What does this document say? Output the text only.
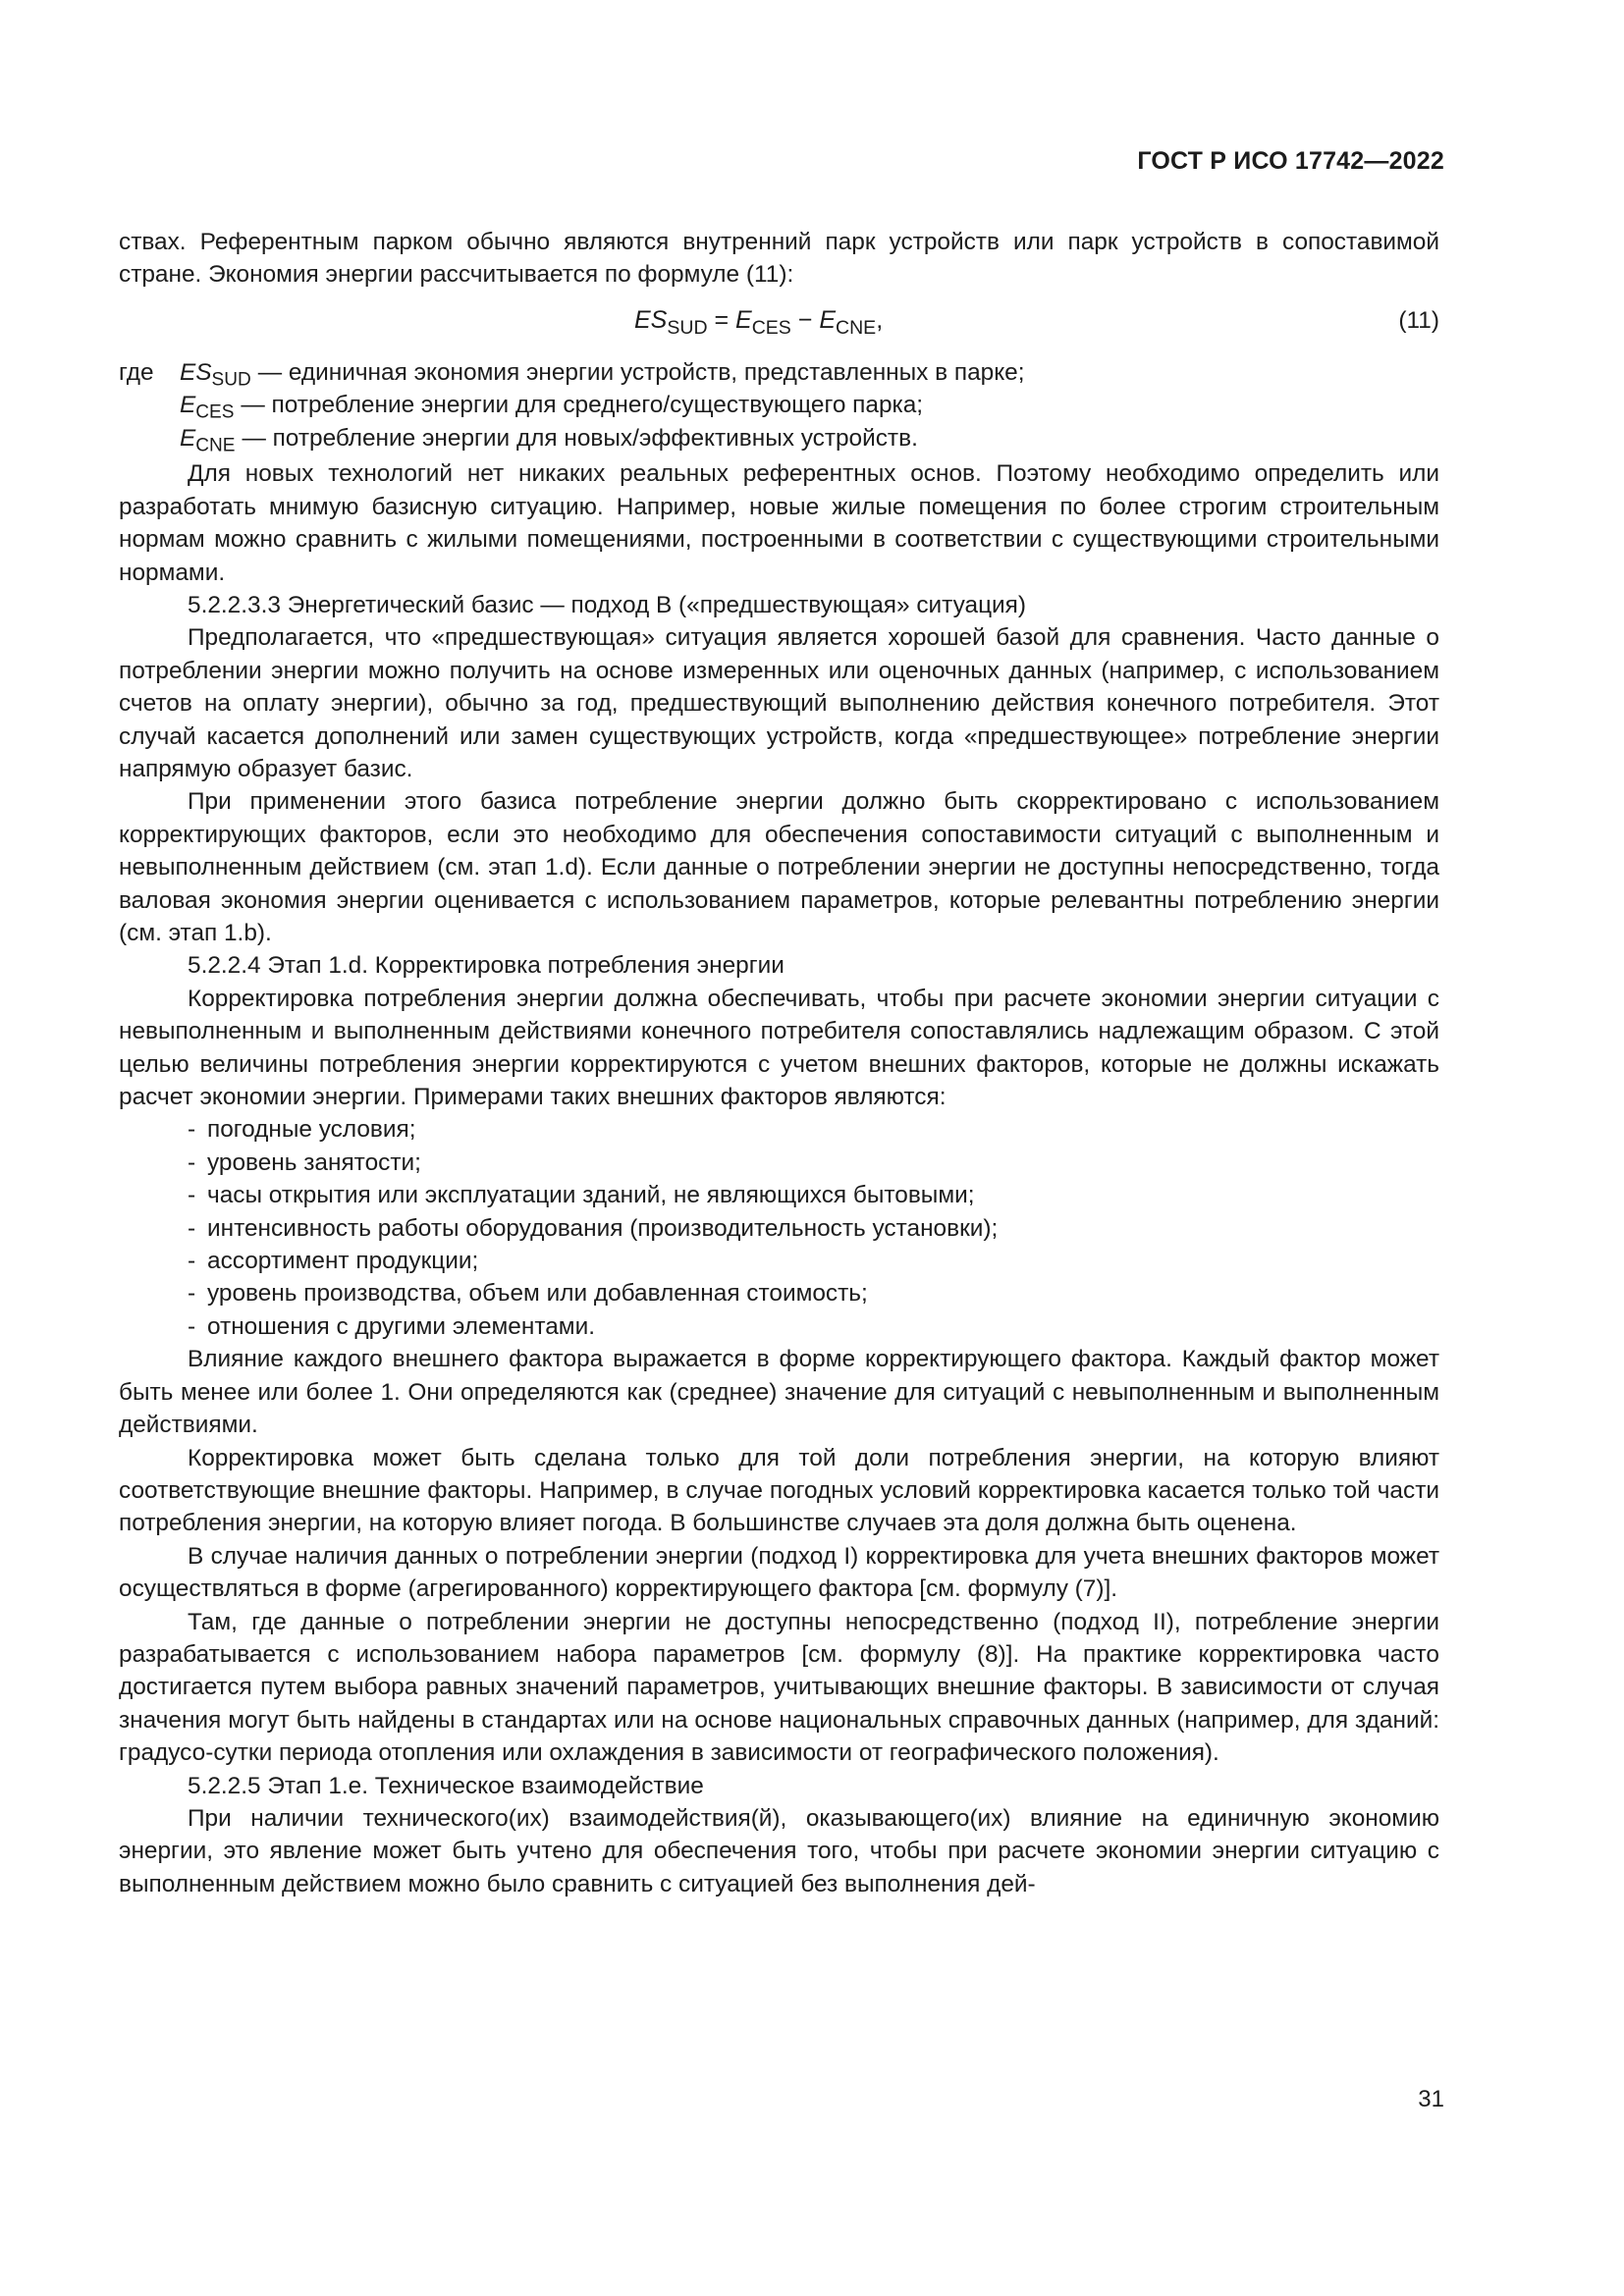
ГОСТ Р ИСО 17742—2022

ствах. Референтным парком обычно являются внутренний парк устройств или парк устройств в сопоставимой стране. Экономия энергии рассчитывается по формуле (11):

$ES_{SUD} = E_{CES} - E_{CNE}$,	(11)
где	$ES_{SUD}$ — единичная экономия энергии устройств, представленных в парке;
$E_{CES}$ — потребление энергии для среднего/существующего парка;
$E_{CNE}$ — потребление энергии для новых/эффективных устройств.

Для новых технологий нет никаких реальных референтных основ. Поэтому необходимо определить или разработать мнимую базисную ситуацию. Например, новые жилые помещения по более строгим строительным нормам можно сравнить с жилыми помещениями, построенными в соответствии с существующими строительными нормами.

5.2.2.3.3 Энергетический базис — подход В («предшествующая» ситуация)

Предполагается, что «предшествующая» ситуация является хорошей базой для сравнения. Часто данные о потреблении энергии можно получить на основе измеренных или оценочных данных (например, с использованием счетов на оплату энергии), обычно за год, предшествующий выполнению действия конечного потребителя. Этот случай касается дополнений или замен существующих устройств, когда «предшествующее» потребление энергии напрямую образует базис.

При применении этого базиса потребление энергии должно быть скорректировано с использованием корректирующих факторов, если это необходимо для обеспечения сопоставимости ситуаций с выполненным и невыполненным действием (см. этап 1.d). Если данные о потреблении энергии не доступны непосредственно, тогда валовая экономия энергии оценивается с использованием параметров, которые релевантны потреблению энергии (см. этап 1.b).

5.2.2.4 Этап 1.d. Корректировка потребления энергии

Корректировка потребления энергии должна обеспечивать, чтобы при расчете экономии энергии ситуации с невыполненным и выполненным действиями конечного потребителя сопоставлялись надлежащим образом. С этой целью величины потребления энергии корректируются с учетом внешних факторов, которые не должны искажать расчет экономии энергии. Примерами таких внешних факторов являются:

- погодные условия;
- уровень занятости;
- часы открытия или эксплуатации зданий, не являющихся бытовыми;
- интенсивность работы оборудования (производительность установки);
- ассортимент продукции;
- уровень производства, объем или добавленная стоимость;
- отношения с другими элементами.

Влияние каждого внешнего фактора выражается в форме корректирующего фактора. Каждый фактор может быть менее или более 1. Они определяются как (среднее) значение для ситуаций с невыполненным и выполненным действиями.

Корректировка может быть сделана только для той доли потребления энергии, на которую влияют соответствующие внешние факторы. Например, в случае погодных условий корректировка касается только той части потребления энергии, на которую влияет погода. В большинстве случаев эта доля должна быть оценена.

В случае наличия данных о потреблении энергии (подход I) корректировка для учета внешних факторов может осуществляться в форме (агрегированного) корректирующего фактора [см. формулу (7)].

Там, где данные о потреблении энергии не доступны непосредственно (подход II), потребление энергии разрабатывается с использованием набора параметров [см. формулу (8)]. На практике корректировка часто достигается путем выбора равных значений параметров, учитывающих внешние факторы. В зависимости от случая значения могут быть найдены в стандартах или на основе национальных справочных данных (например, для зданий: градусо-сутки периода отопления или охлаждения в зависимости от географического положения).

5.2.2.5 Этап 1.е. Техническое взаимодействие

При наличии технического(их) взаимодействия(й), оказывающего(их) влияние на единичную экономию энергии, это явление может быть учтено для обеспечения того, чтобы при расчете экономии энергии ситуацию с выполненным действием можно было сравнить с ситуацией без выполнения дей-

31
